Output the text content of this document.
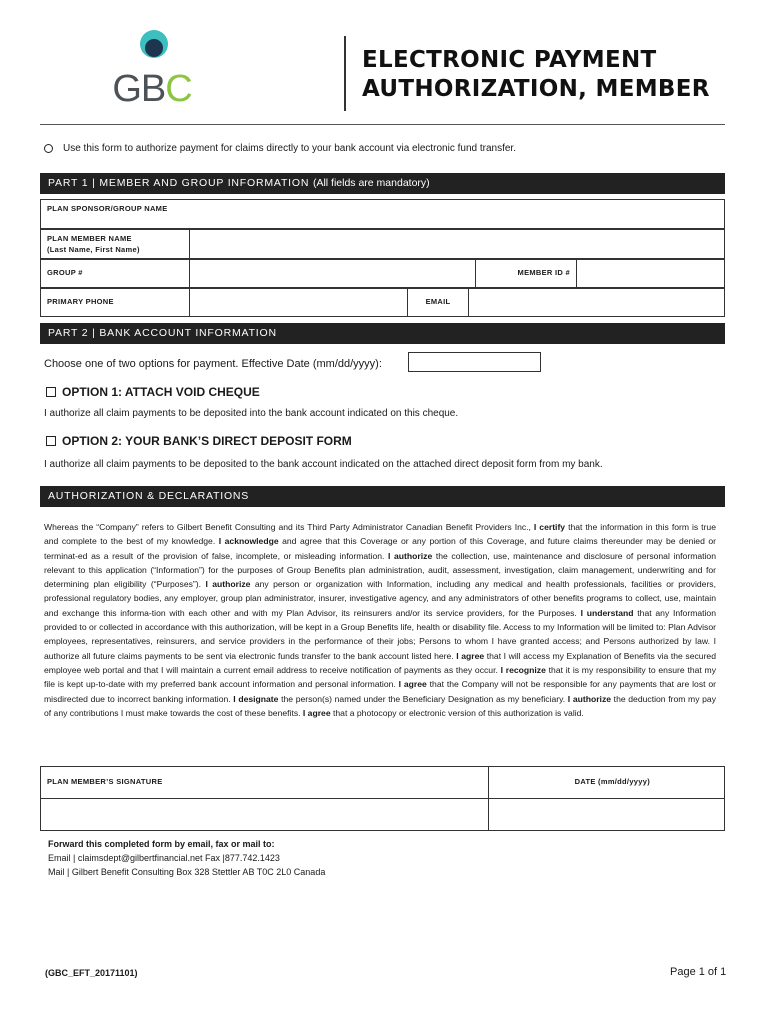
GBC
ELECTRONIC PAYMENT
AUTHORIZATION, MEMBER
Use this form to authorize payment for claims directly to your bank account via electronic fund transfer.
PART 1 | MEMBER AND GROUP INFORMATION (All fields are mandatory)
PLAN SPONSOR/GROUP NAME
PLAN MEMBER NAME
(Last Name, First Name)
GROUP #	MEMBER ID #
PRIMARY PHONE	EMAIL
PART 2 | BANK ACCOUNT INFORMATION
Choose one of two options for payment. Effective Date (mm/dd/yyyy):
OPTION 1: ATTACH VOID CHEQUE
I authorize all claim payments to be deposited into the bank account indicated on this cheque.
OPTION 2: YOUR BANK’S DIRECT DEPOSIT FORM
I authorize all claim payments to be deposited to the bank account indicated on the attached direct deposit form from my bank.
AUTHORIZATION & DECLARATIONS
Whereas the “Company” refers to Gilbert Benefit Consulting and its Third Party Administrator Canadian Benefit Providers Inc., I certify that the information in this form is true and complete to the best of my knowledge. I acknowledge and agree that this Coverage or any portion of this Coverage, and future claims thereunder may be denied or terminat-ed as a result of the provision of false, incomplete, or misleading information. I authorize the collection, use, maintenance and disclosure of personal information relevant to this application (“Information”) for the purposes of Group Benefits plan administration, audit, assessment, investigation, claim management, underwriting and for determining plan eligibility (“Purposes”). I authorize any person or organization with Information, including any medical and health professionals, facilities or providers, professional regulatory bodies, any employer, group plan administrator, insurer, investigative agency, and any administrators of other benefits programs to collect, use, maintain and exchange this informa-tion with each other and with my Plan Advisor, its reinsurers and/or its service providers, for the Purposes. I understand that any Information provided to or collected in accordance with this authorization, will be kept in a Group Benefits life, health or disability file. Access to my Information will be limited to: Plan Advisor employees, representatives, reinsurers, and service providers in the performance of their jobs; Persons to whom I have granted access; and Persons authorized by law. I authorize all future claims payments to be sent via electronic funds transfer to the bank account listed here. I agree that I will access my Explanation of Benefits via the secured employee web portal and that I will maintain a current email address to receive notification of payments as they occur. I recognize that it is my responsibility to ensure that my file is kept up-to-date with my preferred bank account information and personal information. I agree that the Company will not be responsible for any payments that are lost or misdirected due to incorrect banking information. I designate the person(s) named under the Beneficiary Designation as my beneficiary. I authorize the deduction from my pay of any contributions I must make towards the cost of these benefits. I agree that a photocopy or electronic version of this authorization is valid.
PLAN MEMBER’S SIGNATURE	DATE (mm/dd/yyyy)
Forward this completed form by email, fax or mail to:
Email | claimsdept@gilbertfinancial.net Fax |877.742.1423
Mail | Gilbert Benefit Consulting Box 328 Stettler AB T0C 2L0 Canada
(GBC_EFT_20171101)	Page 1 of 1
